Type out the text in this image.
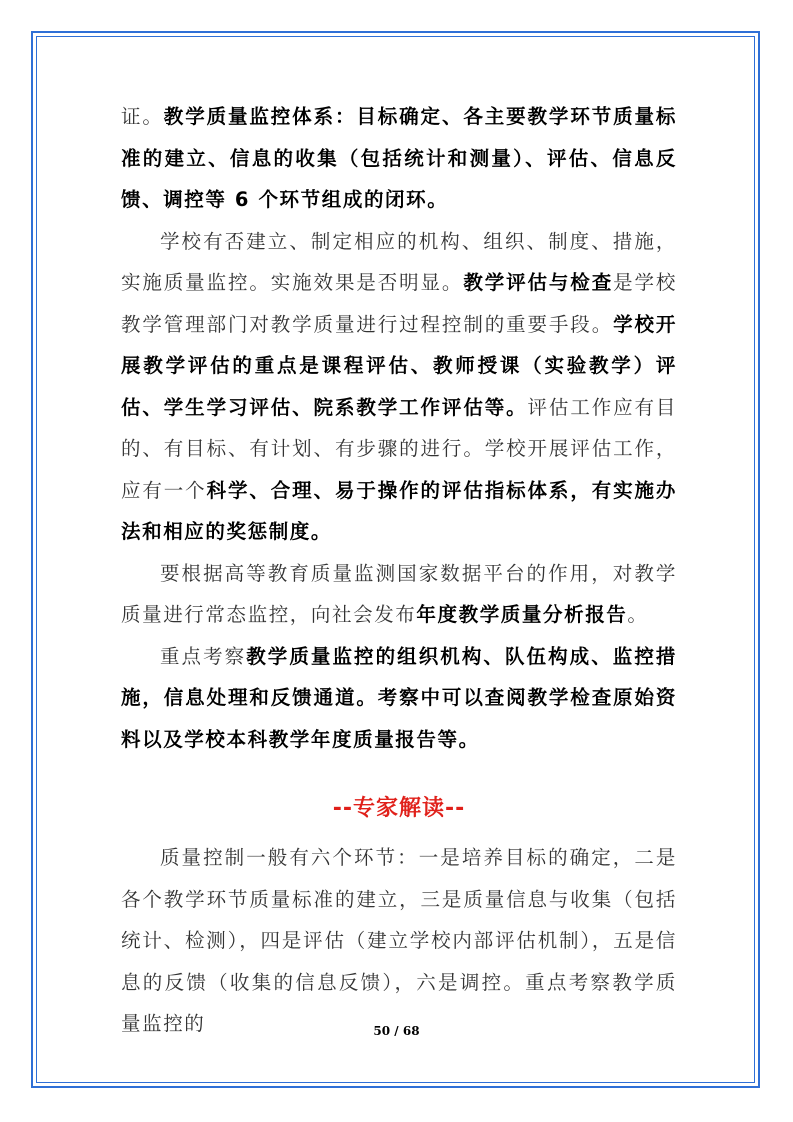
证。教学质量监控体系：目标确定、各主要教学环节质量标准的建立、信息的收集（包括统计和测量）、评估、信息反馈、调控等 6 个环节组成的闭环。

学校有否建立、制定相应的机构、组织、制度、措施， 实施质量监控。实施效果是否明显。教学评估与检查是学校教学管理部门对教学质量进行过程控制的重要手段。学校开展教学评估的重点是课程评估、教师授课（实验教学）评估、学生学习评估、院系教学工作评估等。评估工作应有目的、有目标、有计划、有步骤的进行。学校开展评估工作，应有一个科学、合理、易于操作的评估指标体系，有实施办法和相应的奖惩制度。

要根据高等教育质量监测国家数据平台的作用，对教学质量进行常态监控，向社会发布年度教学质量分析报告。

重点考察教学质量监控的组织机构、队伍构成、监控措施，信息处理和反馈通道。考察中可以查阅教学检查原始资料以及学校本科教学年度质量报告等。

--专家解读--

质量控制一般有六个环节：一是培养目标的确定，二是各个教学环节质量标准的建立，三是质量信息与收集（包括统计、检测），四是评估（建立学校内部评估机制），五是信息的反馈（收集的信息反馈），六是调控。重点考察教学质量监控的	50 / 68
